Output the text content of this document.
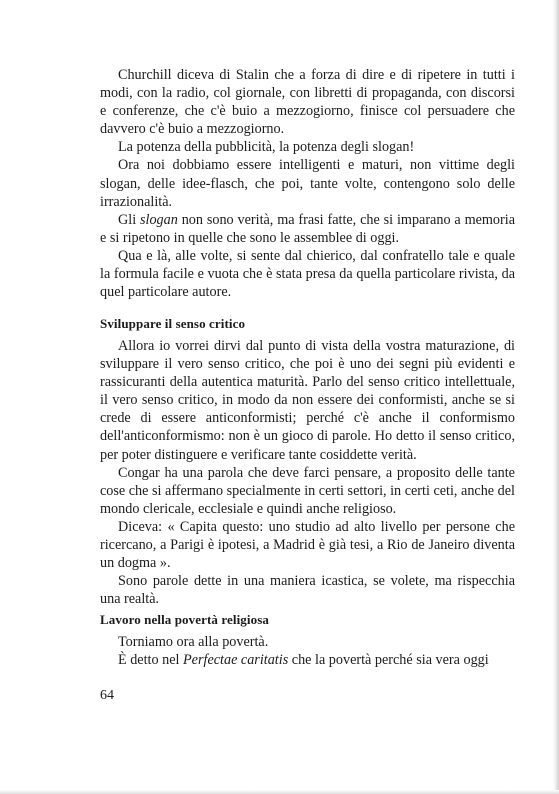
Churchill diceva di Stalin che a forza di dire e di ripetere in tutti i modi, con la radio, col giornale, con libretti di propaganda, con discorsi e conferenze, che c'è buio a mezzogiorno, finisce col persuadere che davvero c'è buio a mezzogiorno.

La potenza della pubblicità, la potenza degli slogan!

Ora noi dobbiamo essere intelligenti e maturi, non vittime degli slogan, delle idee-flasch, che poi, tante volte, contengono solo delle irrazionalità.

Gli slogan non sono verità, ma frasi fatte, che si imparano a memoria e si ripetono in quelle che sono le assemblee di oggi.

Qua e là, alle volte, si sente dal chierico, dal confratello tale e quale la formula facile e vuota che è stata presa da quella particolare rivista, da quel particolare autore.

Sviluppare il senso critico

Allora io vorrei dirvi dal punto di vista della vostra maturazione, di sviluppare il vero senso critico, che poi è uno dei segni più evidenti e rassicuranti della autentica maturità. Parlo del senso critico intellettuale, il vero senso critico, in modo da non essere dei conformisti, anche se si crede di essere anticonformisti; perché c'è anche il conformismo dell'anticonformismo: non è un gioco di parole. Ho detto il senso critico, per poter distinguere e verificare tante cosiddette verità.

Congar ha una parola che deve farci pensare, a proposito delle tante cose che si affermano specialmente in certi settori, in certi ceti, anche del mondo clericale, ecclesiale e quindi anche religioso.

Diceva: « Capita questo: uno studio ad alto livello per persone che ricercano, a Parigi è ipotesi, a Madrid è già tesi, a Rio de Janeiro diventa un dogma ».

Sono parole dette in una maniera icastica, se volete, ma rispecchia una realtà.

Lavoro nella povertà religiosa

Torniamo ora alla povertà.

È detto nel Perfectae caritatis che la povertà perché sia vera oggi

64
